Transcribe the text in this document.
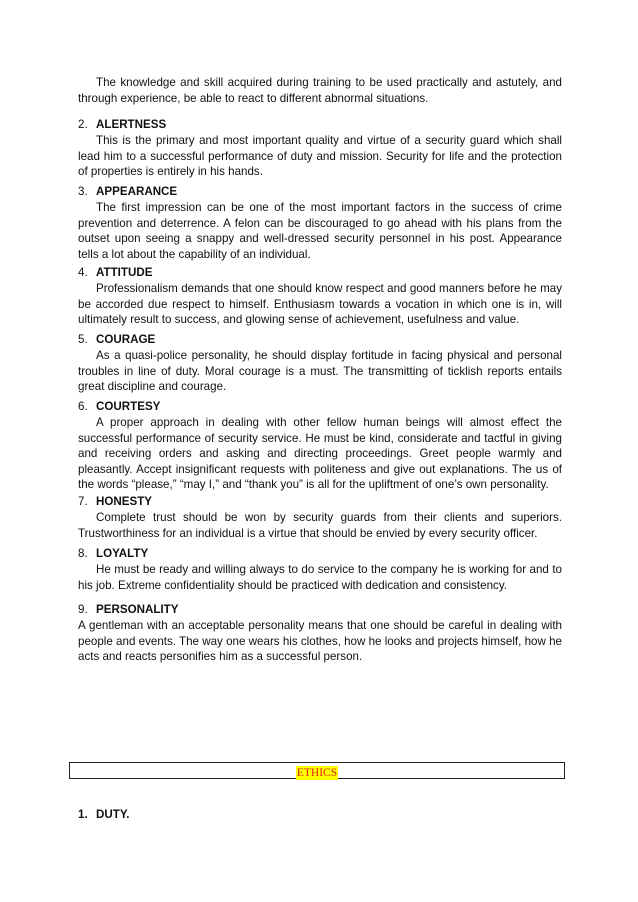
The knowledge and skill acquired during training to be used practically and astutely, and through experience, be able to react to different abnormal situations.

2. ALERTNESS

This is the primary and most important quality and virtue of a security guard which shall lead him to a successful performance of duty and mission. Security for life and the protection of properties is entirely in his hands.

3. APPEARANCE

The first impression can be one of the most important factors in the success of crime prevention and deterrence. A felon can be discouraged to go ahead with his plans from the outset upon seeing a snappy and well-dressed security personnel in his post. Appearance tells a lot about the capability of an individual.

4. ATTITUDE

Professionalism demands that one should know respect and good manners before he may be accorded due respect to himself. Enthusiasm towards a vocation in which one is in, will ultimately result to success, and glowing sense of achievement, usefulness and value.

5. COURAGE

As a quasi-police personality, he should display fortitude in facing physical and personal troubles in line of duty. Moral courage is a must. The transmitting of ticklish reports entails great discipline and courage.

6. COURTESY

A proper approach in dealing with other fellow human beings will almost effect the successful performance of security service. He must be kind, considerate and tactful in giving and receiving orders and asking and directing proceedings. Greet people warmly and pleasantly. Accept insignificant requests with politeness and give out explanations. The us of the words “please,” “may I,” and “thank you” is all for the upliftment of one’s own personality.

7. HONESTY

Complete trust should be won by security guards from their clients and superiors. Trustworthiness for an individual is a virtue that should be envied by every security officer.

8. LOYALTY

He must be ready and willing always to do service to the company he is working for and to his job. Extreme confidentiality should be practiced with dedication and consistency.

9. PERSONALITY

A gentleman with an acceptable personality means that one should be careful in dealing with people and events. The way one wears his clothes, how he looks and projects himself, how he acts and reacts personifies him as a successful person.

ETHICS
1. DUTY.
